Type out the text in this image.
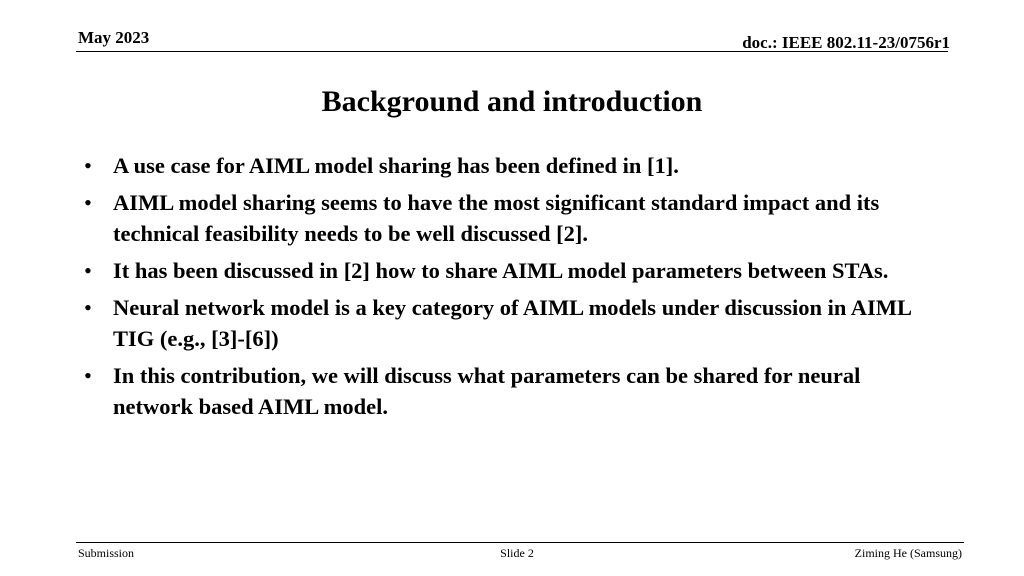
May 2023	doc.: IEEE 802.11-23/0756r1
Background and introduction
• A use case for AIML model sharing has been defined in [1].
• AIML model sharing seems to have the most significant standard impact and its technical feasibility needs to be well discussed [2].
• It has been discussed in [2] how to share AIML model parameters between STAs.
• Neural network model is a key category of AIML models under discussion in AIML TIG (e.g., [3]-[6])
• In this contribution, we will discuss what parameters can be shared for neural network based AIML model.
Submission	Slide 2	Ziming He (Samsung)
